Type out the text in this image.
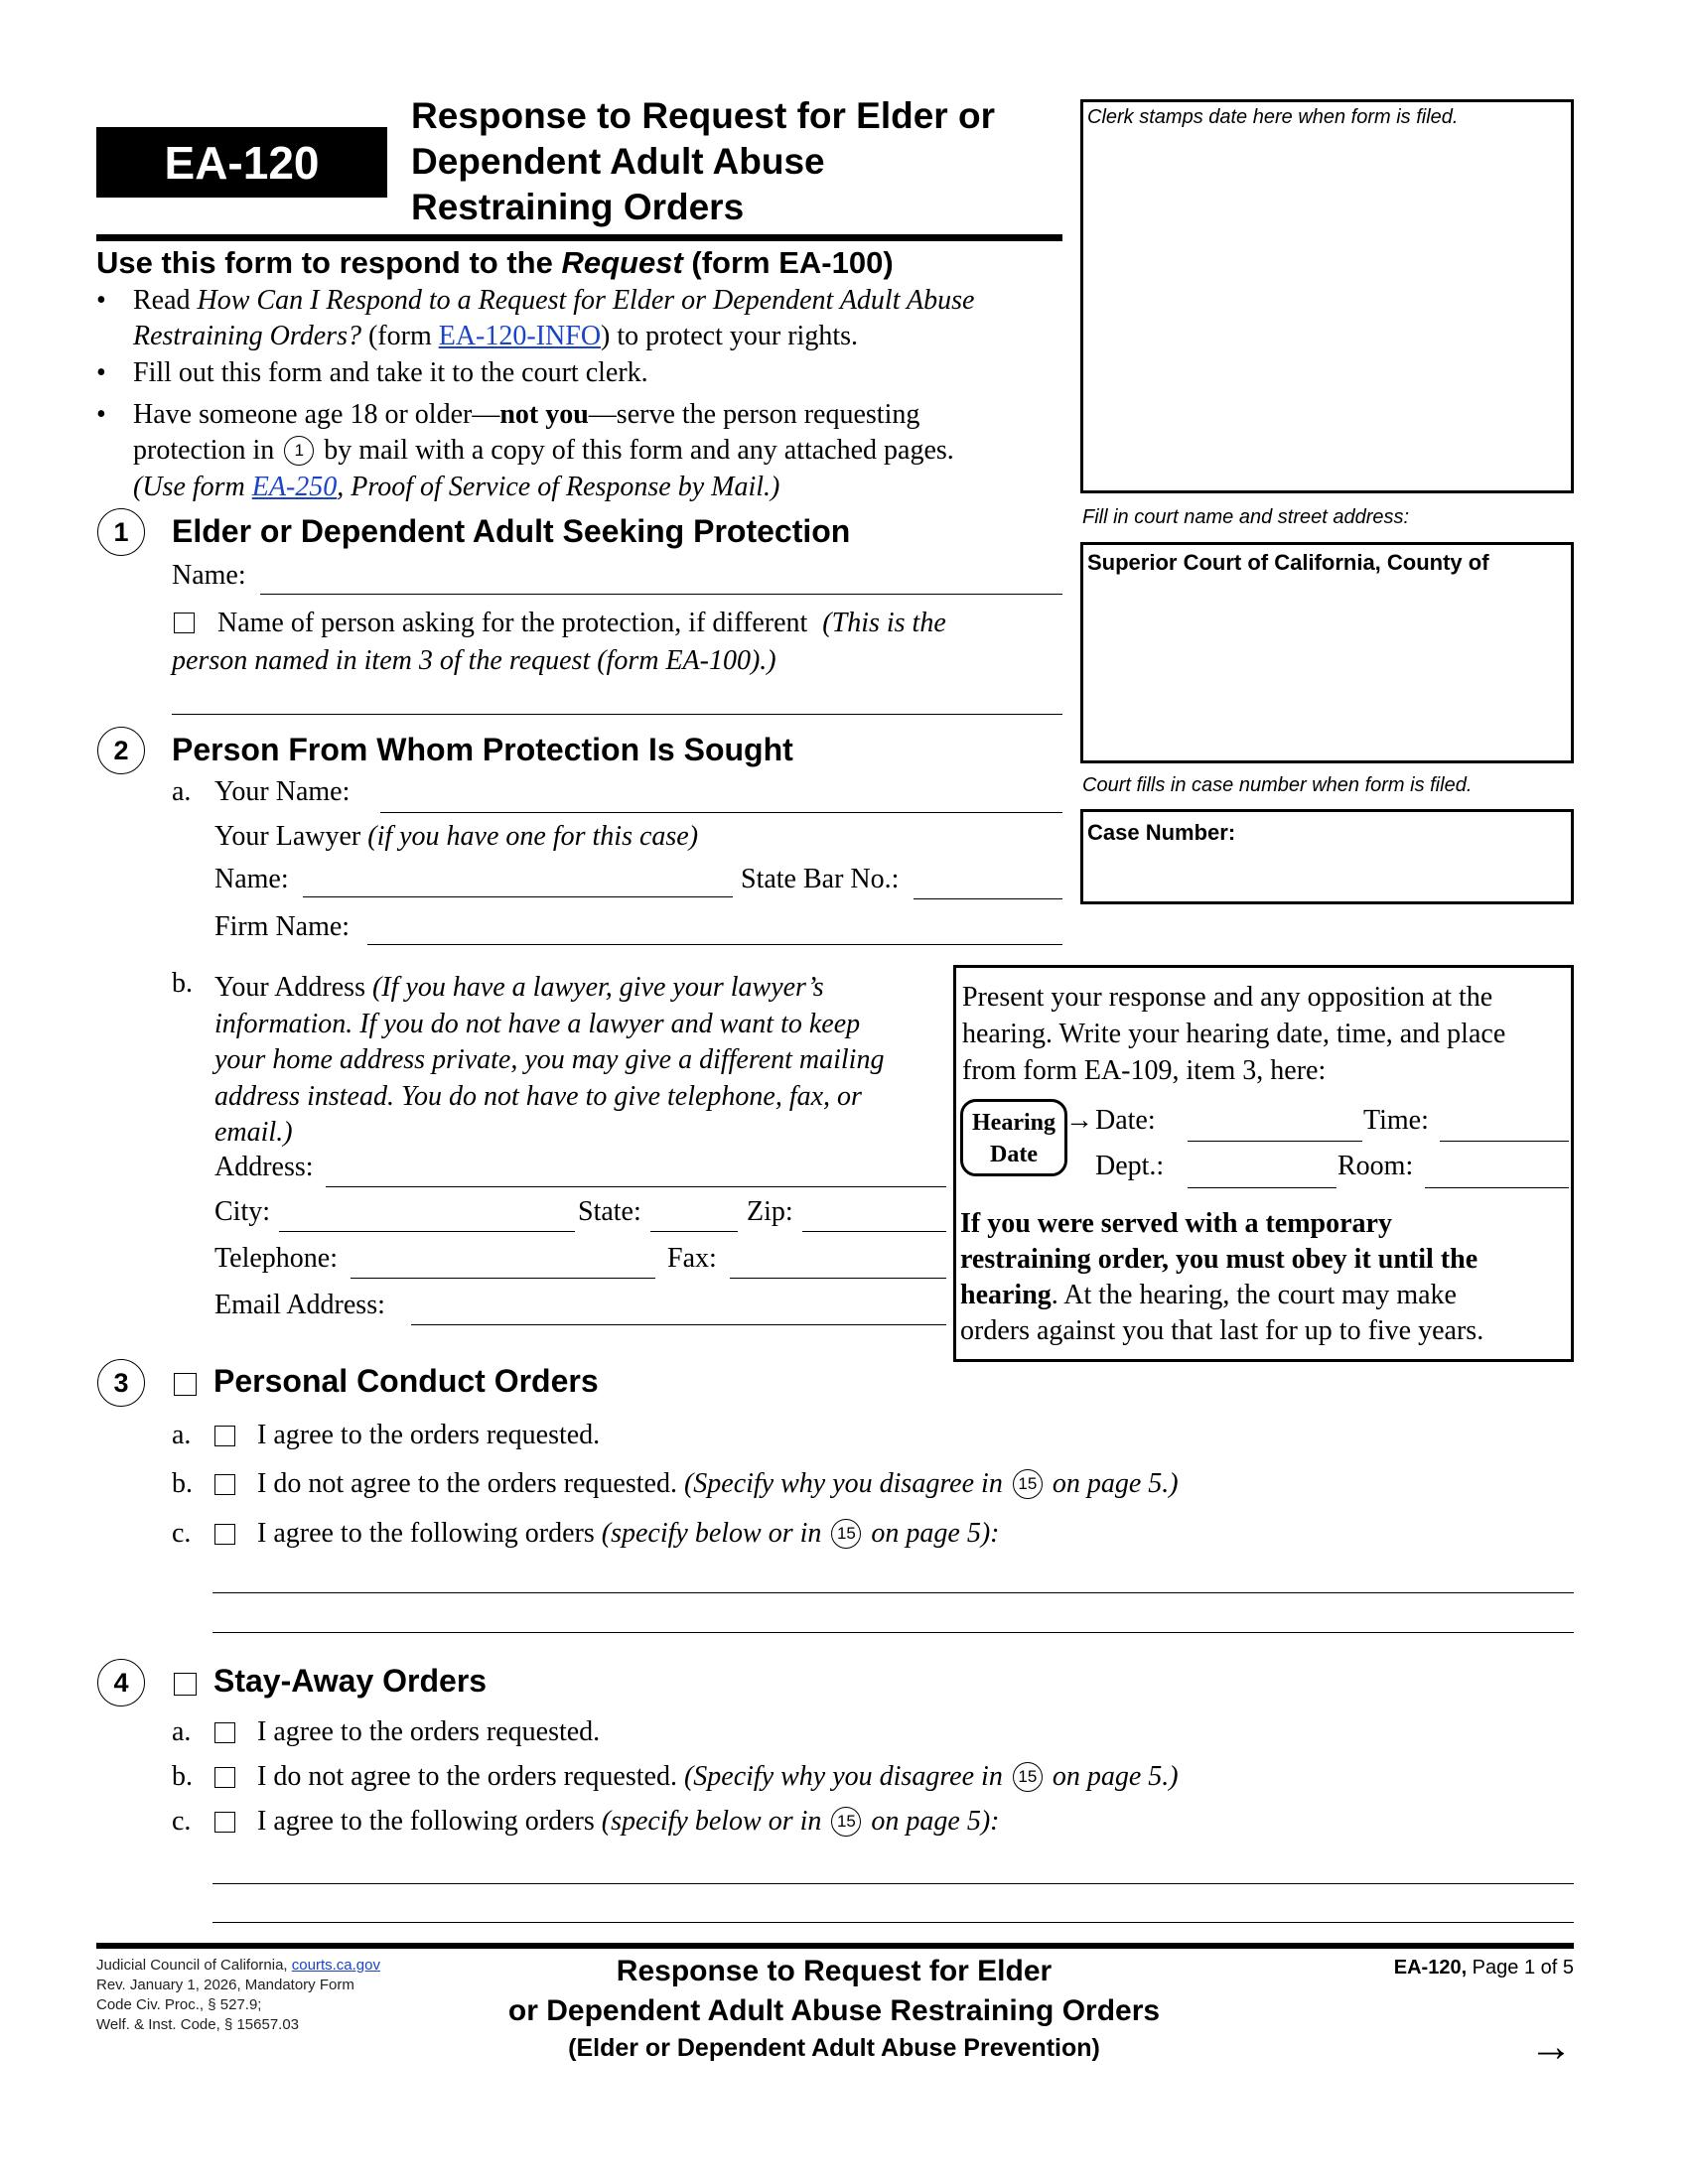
EA-120
Response to Request for Elder or
Dependent Adult Abuse
Restraining Orders
Use this form to respond to the Request (form EA-100)
• Read How Can I Respond to a Request for Elder or Dependent Adult Abuse
Restraining Orders? (form EA-120-INFO) to protect your rights.
• Fill out this form and take it to the court clerk.
• Have someone age 18 or older—not you—serve the person requesting
protection in 1 by mail with a copy of this form and any attached pages.
(Use form EA-250, Proof of Service of Response by Mail.)
Clerk stamps date here when form is filed.
Fill in court name and street address:
Superior Court of California, County of
Court fills in case number when form is filed.
Case Number:
1	Elder or Dependent Adult Seeking Protection
Name:
Name of person asking for the protection, if different (This is the
person named in item 3 of the request (form EA-100).)
2	Person From Whom Protection Is Sought
a. Your Name:
Your Lawyer (if you have one for this case)
Name:	State Bar No.:
Firm Name:
b. Your Address (If you have a lawyer, give your lawyer’s
information. If you do not have a lawyer and want to keep
your home address private, you may give a different mailing
address instead. You do not have to give telephone, fax, or
email.)
Address:
City:	State:	Zip:
Telephone:	Fax:
Email Address:
Present your response and any opposition at the
hearing. Write your hearing date, time, and place
from form EA-109, item 3, here:
Hearing
Date
→ Date:	Time:
Dept.:	Room:
If you were served with a temporary
restraining order, you must obey it until the
hearing. At the hearing, the court may make
orders against you that last for up to five years.
3	Personal Conduct Orders
a. I agree to the orders requested.
b. I do not agree to the orders requested. (Specify why you disagree in 15 on page 5.)
c. I agree to the following orders (specify below or in 15 on page 5):
4	Stay-Away Orders
a. I agree to the orders requested.
b. I do not agree to the orders requested. (Specify why you disagree in 15 on page 5.)
c. I agree to the following orders (specify below or in 15 on page 5):
Judicial Council of California, courts.ca.gov
Rev. January 1, 2026, Mandatory Form
Code Civ. Proc., § 527.9;
Welf. & Inst. Code, § 15657.03
Response to Request for Elder
or Dependent Adult Abuse Restraining Orders
(Elder or Dependent Adult Abuse Prevention)
EA-120, Page 1 of 5
→
